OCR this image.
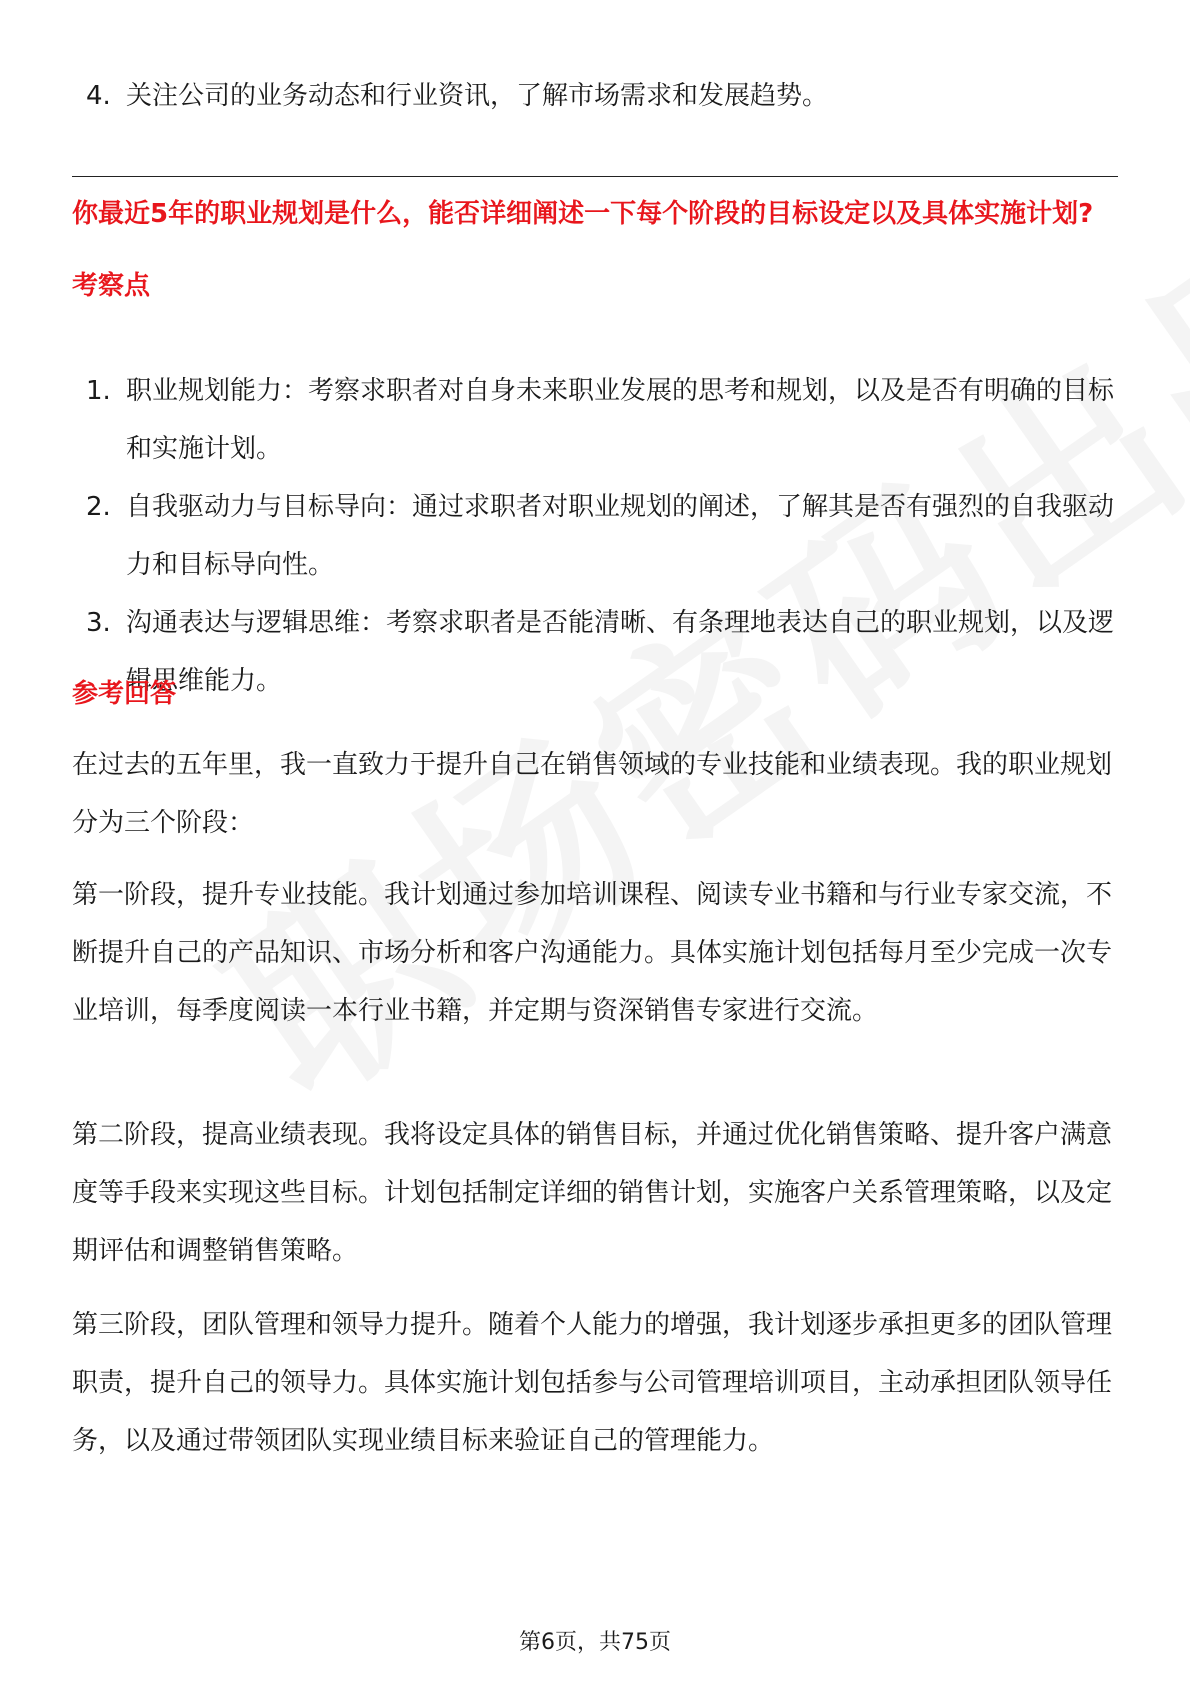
4. 关注公司的业务动态和行业资讯，了解市场需求和发展趋势。
你最近5年的职业规划是什么，能否详细阐述一下每个阶段的目标设定以及具体实施计划?
考察点
1. 职业规划能力：考察求职者对自身未来职业发展的思考和规划，以及是否有明确的目标和实施计划。
2. 自我驱动力与目标导向：通过求职者对职业规划的阐述，了解其是否有强烈的自我驱动力和目标导向性。
3. 沟通表达与逻辑思维：考察求职者是否能清晰、有条理地表达自己的职业规划，以及逻辑思维能力。
参考回答

在过去的五年里，我一直致力于提升自己在销售领域的专业技能和业绩表现。我的职业规划分为三个阶段：

第一阶段，提升专业技能。我计划通过参加培训课程、阅读专业书籍和与行业专家交流，不断提升自己的产品知识、市场分析和客户沟通能力。具体实施计划包括每月至少完成一次专业培训，每季度阅读一本行业书籍，并定期与资深销售专家进行交流。

第二阶段，提高业绩表现。我将设定具体的销售目标，并通过优化销售策略、提升客户满意度等手段来实现这些目标。计划包括制定详细的销售计划，实施客户关系管理策略，以及定期评估和调整销售策略。

第三阶段，团队管理和领导力提升。随着个人能力的增强，我计划逐步承担更多的团队管理职责，提升自己的领导力。具体实施计划包括参与公司管理培训项目，主动承担团队领导任务，以及通过带领团队实现业绩目标来验证自己的管理能力。

第6页，共75页
